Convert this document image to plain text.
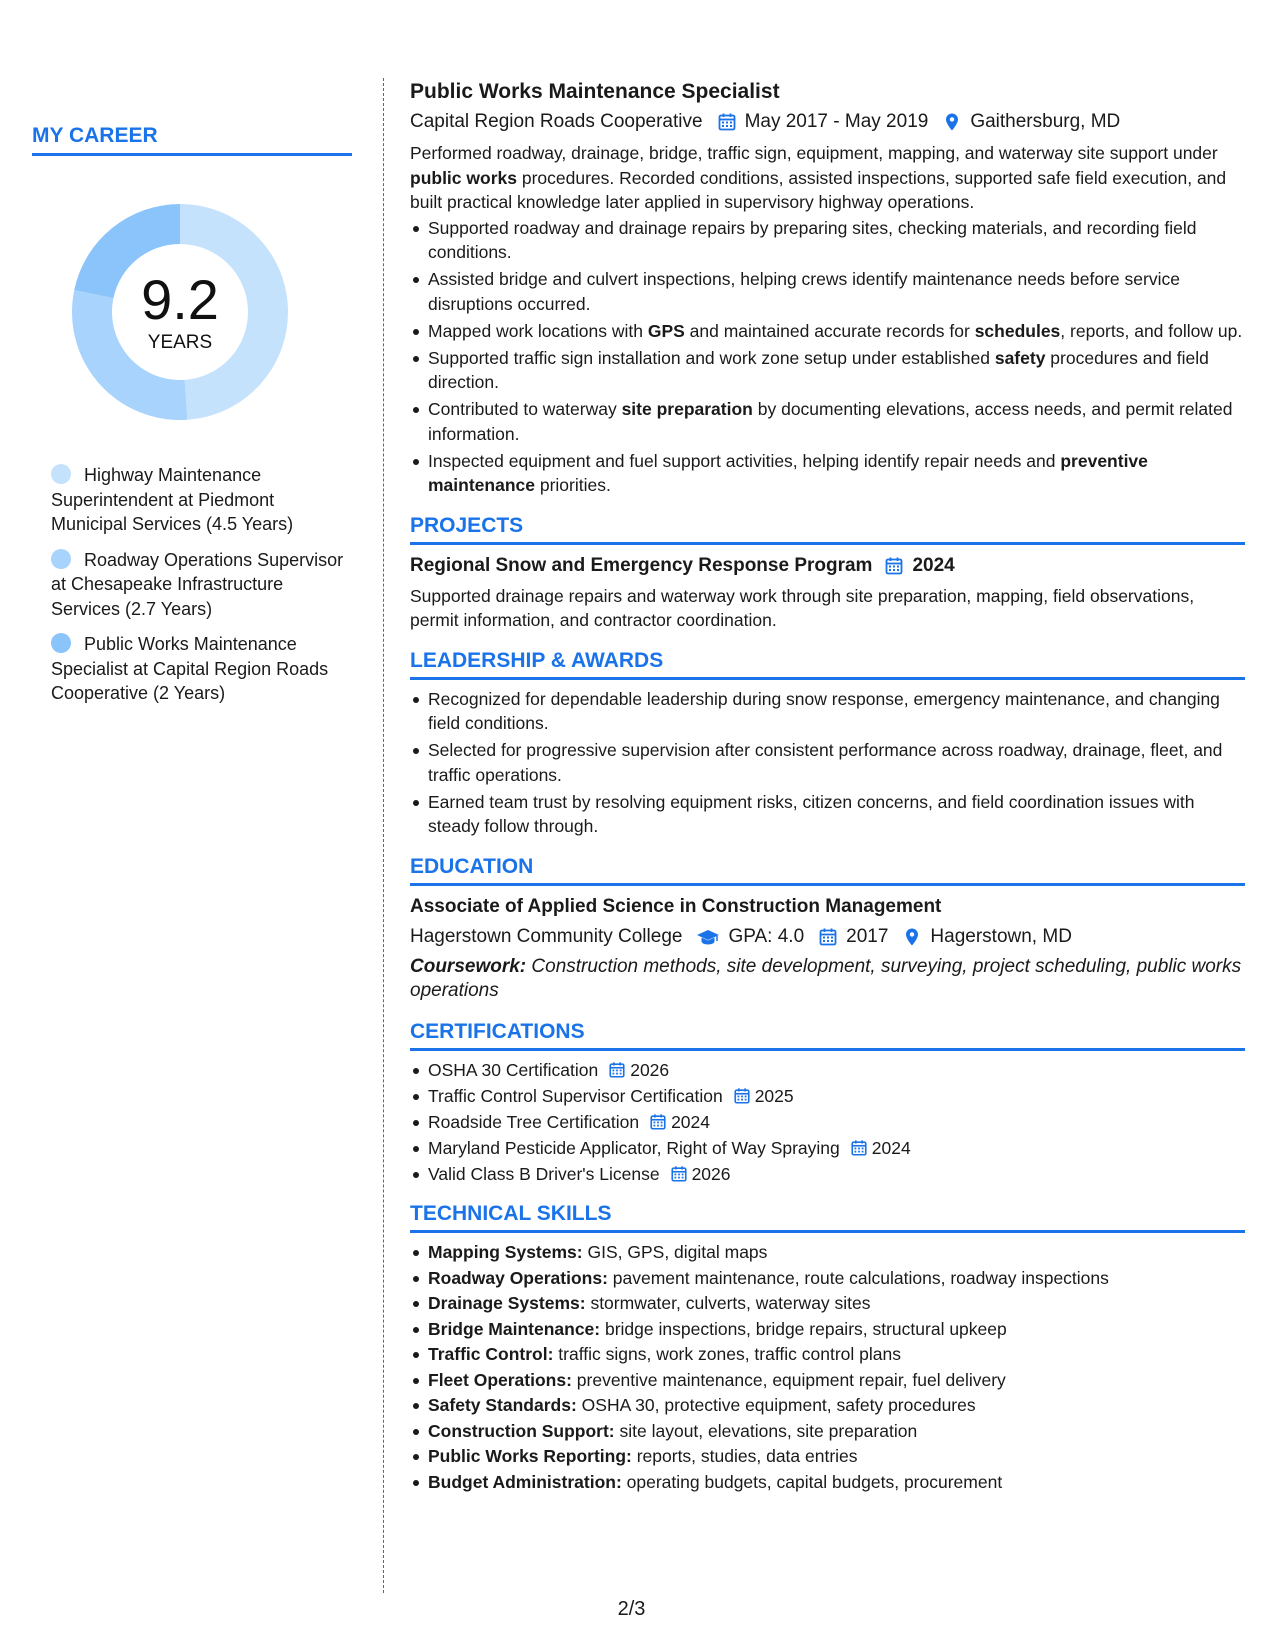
MY CAREER
9.2
YEARS
Highway Maintenance Superintendent at Piedmont Municipal Services (4.5 Years)
Roadway Operations Supervisor at Chesapeake Infrastructure Services (2.7 Years)
Public Works Maintenance Specialist at Capital Region Roads Cooperative (2 Years)
Public Works Maintenance Specialist
Capital Region Roads Cooperative May 2017 - May 2019 Gaithersburg, MD
Performed roadway, drainage, bridge, traffic sign, equipment, mapping, and waterway site support under public works procedures. Recorded conditions, assisted inspections, supported safe field execution, and built practical knowledge later applied in supervisory highway operations.
Supported roadway and drainage repairs by preparing sites, checking materials, and recording field conditions.
Assisted bridge and culvert inspections, helping crews identify maintenance needs before service disruptions occurred.
Mapped work locations with GPS and maintained accurate records for schedules, reports, and follow up.
Supported traffic sign installation and work zone setup under established safety procedures and field direction.
Contributed to waterway site preparation by documenting elevations, access needs, and permit related information.
Inspected equipment and fuel support activities, helping identify repair needs and preventive maintenance priorities.
PROJECTS
Regional Snow and Emergency Response Program 2024
Supported drainage repairs and waterway work through site preparation, mapping, field observations, permit information, and contractor coordination.
LEADERSHIP & AWARDS
Recognized for dependable leadership during snow response, emergency maintenance, and changing field conditions.
Selected for progressive supervision after consistent performance across roadway, drainage, fleet, and traffic operations.
Earned team trust by resolving equipment risks, citizen concerns, and field coordination issues with steady follow through.
EDUCATION
Associate of Applied Science in Construction Management
Hagerstown Community College GPA: 4.0 2017 Hagerstown, MD
Coursework: Construction methods, site development, surveying, project scheduling, public works operations
CERTIFICATIONS
OSHA 30 Certification 2026
Traffic Control Supervisor Certification 2025
Roadside Tree Certification 2024
Maryland Pesticide Applicator, Right of Way Spraying 2024
Valid Class B Driver's License 2026
TECHNICAL SKILLS
Mapping Systems: GIS, GPS, digital maps
Roadway Operations: pavement maintenance, route calculations, roadway inspections
Drainage Systems: stormwater, culverts, waterway sites
Bridge Maintenance: bridge inspections, bridge repairs, structural upkeep
Traffic Control: traffic signs, work zones, traffic control plans
Fleet Operations: preventive maintenance, equipment repair, fuel delivery
Safety Standards: OSHA 30, protective equipment, safety procedures
Construction Support: site layout, elevations, site preparation
Public Works Reporting: reports, studies, data entries
Budget Administration: operating budgets, capital budgets, procurement
2/3
